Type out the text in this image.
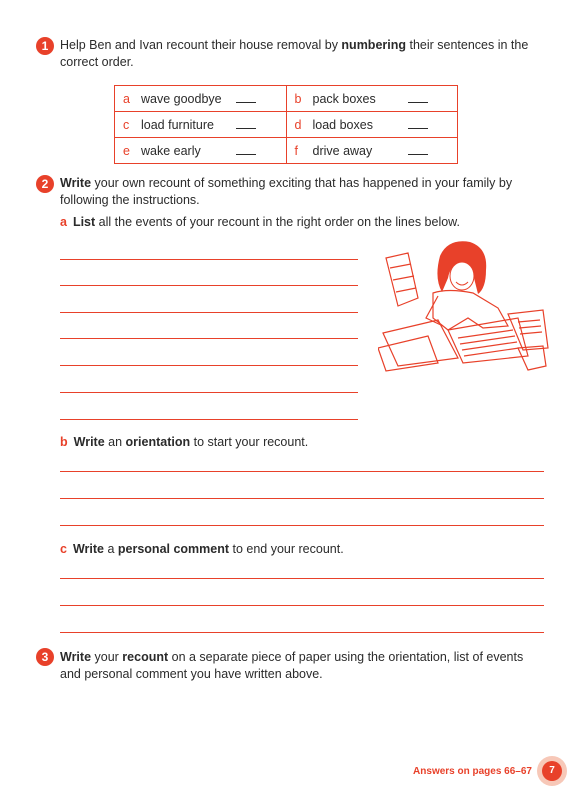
1 Help Ben and Ivan recount their house removal by numbering their sentences in the correct order.
a wave goodbye	b pack boxes
c load furniture	d load boxes
e wake early	f drive away
2 Write your own recount of something exciting that has happened in your family by following the instructions.
a List all the events of your recount in the right order on the lines below.
b Write an orientation to start your recount.
c Write a personal comment to end your recount.
3 Write your recount on a separate piece of paper using the orientation, list of events and personal comment you have written above.
Answers on pages 66–67	7
